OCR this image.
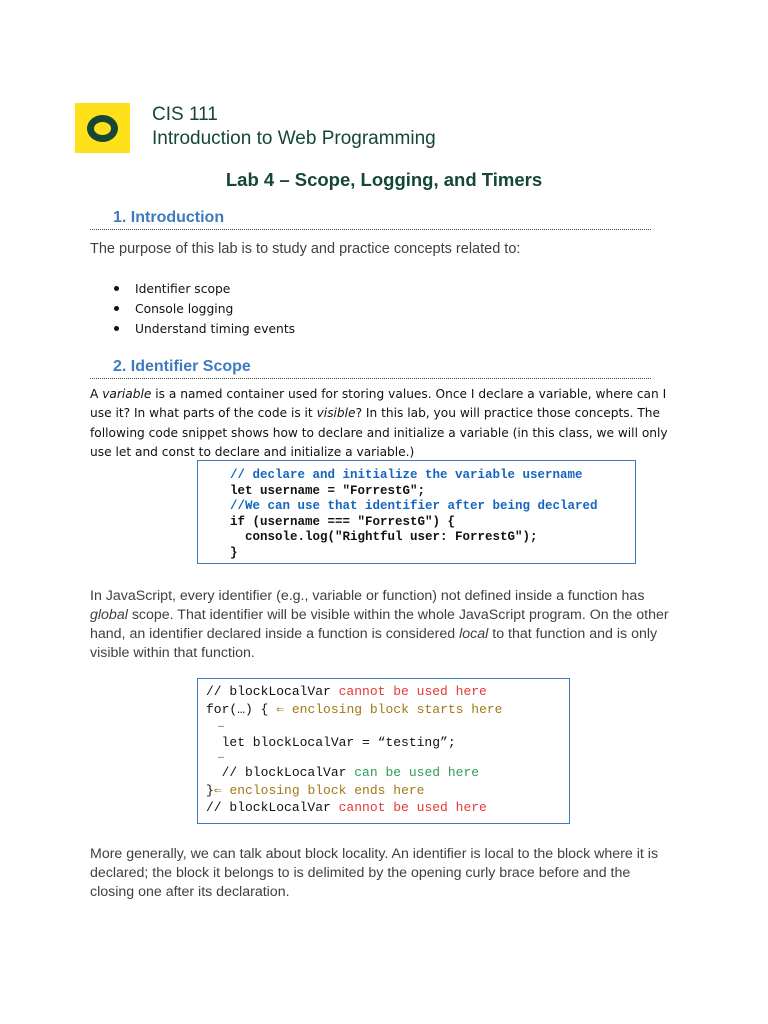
CIS 111
Introduction to Web Programming
Lab 4 – Scope, Logging, and Timers
1. Introduction
The purpose of this lab is to study and practice concepts related to:
Identifier scope
Console logging
Understand timing events
2. Identifier Scope
A variable is a named container used for storing values. Once I declare a variable, where can I use it? In what parts of the code is it visible? In this lab, you will practice those concepts. The following code snippet shows how to declare and initialize a variable (in this class, we will only use let and const to declare and initialize a variable.)
// declare and initialize the variable username
let username = "ForrestG";
//We can use that identifier after being declared
if (username === "ForrestG") {
console.log("Rightful user: ForrestG");
}
In JavaScript, every identifier (e.g., variable or function) not defined inside a function has global scope. That identifier will be visible within the whole JavaScript program. On the other hand, an identifier declared inside a function is considered local to that function and is only visible within that function.
// blockLocalVar cannot be used here
for(…) { ⇐ enclosing block starts here
…
let blockLocalVar = “testing”;
…
// blockLocalVar can be used here
}⇐ enclosing block ends here
// blockLocalVar cannot be used here
More generally, we can talk about block locality. An identifier is local to the block where it is declared; the block it belongs to is delimited by the opening curly brace before and the closing one after its declaration.
